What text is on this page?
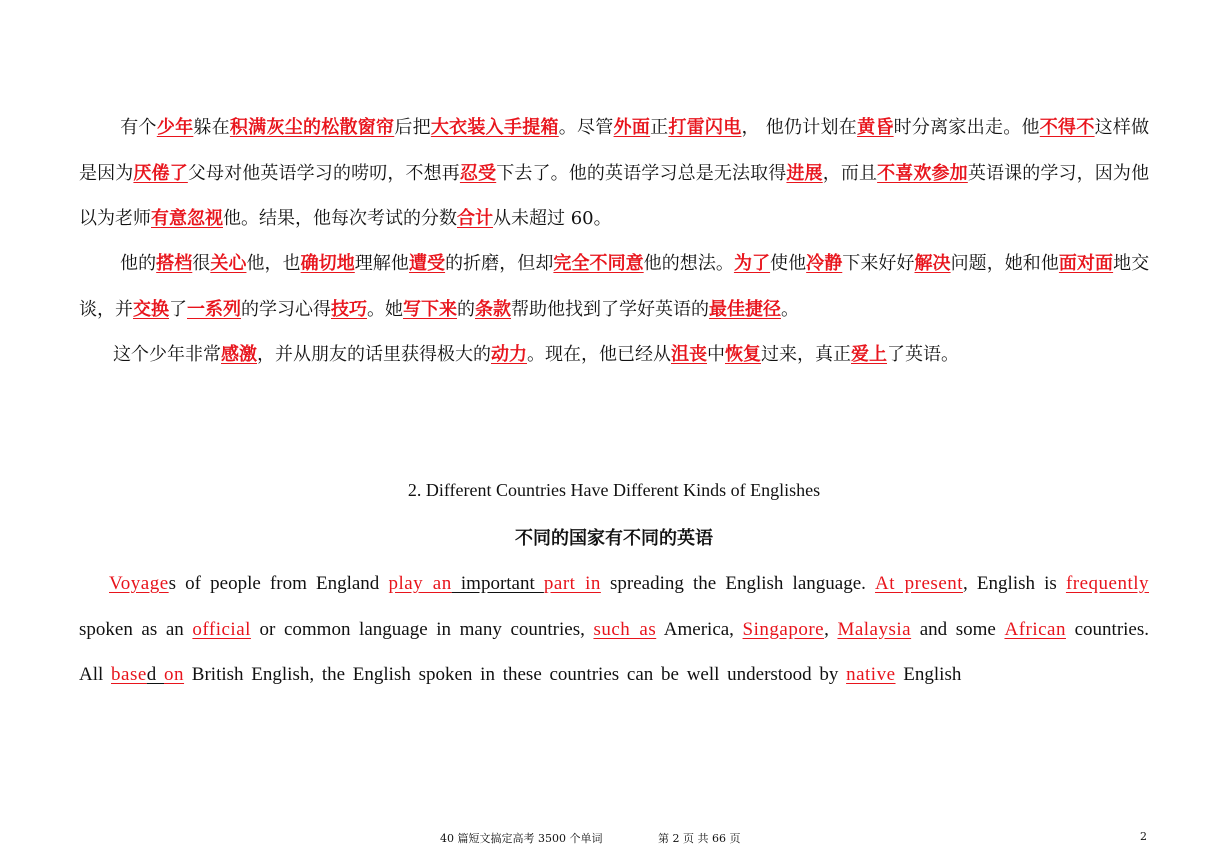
有个少年躲在积满灰尘的松散窗帘后把大衣装入手提箱。尽管外面正打雷闪电， 他仍计划在黄昏时分离家出走。他不得不这样做是因为厌倦了父母对他英语学习的唠叨，不想再忍受下去了。他的英语学习总是无法取得进展，而且不喜欢参加英语课的学习，因为他以为老师有意忽视他。结果，他每次考试的分数合计从未超过 60。

他的搭档很关心他，也确切地理解他遭受的折磨，但却完全不同意他的想法。为了使他冷静下来好好解决问题，她和他面对面地交谈，并交换了一系列的学习心得技巧。她写下来的条款帮助他找到了学好英语的最佳捷径。

这个少年非常感激，并从朋友的话里获得极大的动力。现在，他已经从沮丧中恢复过来，真正爱上了英语。

2. Different Countries Have Different Kinds of Englishes
不同的国家有不同的英语

Voyages of people from England play an important part in spreading the English language. At present, English is frequently spoken as an official or common language in many countries, such as America, Singapore, Malaysia and some African countries. All based on British English, the English spoken in these countries can be well understood by native English

40 篇短文搞定高考 3500 个单词	第 2 页 共 66 页	2
